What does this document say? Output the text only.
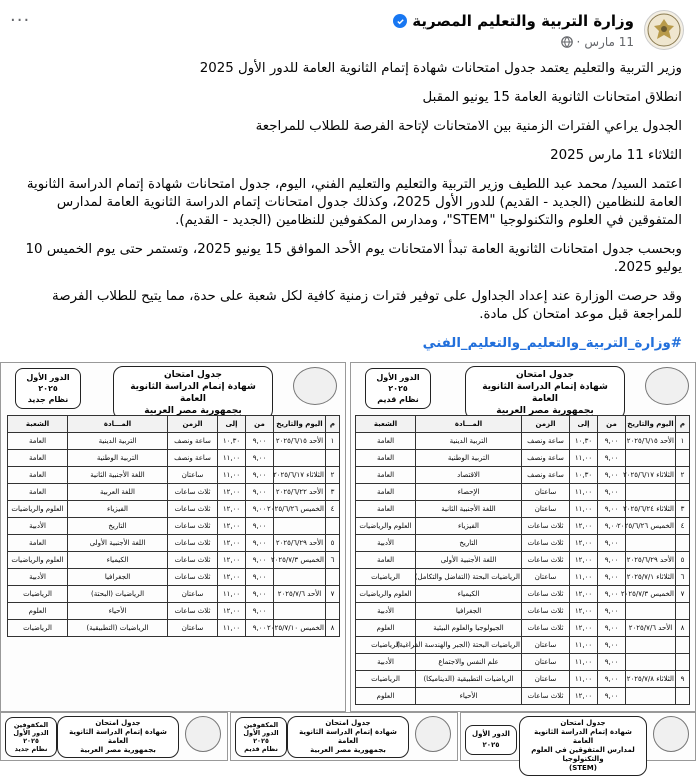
وزارة التربية والتعليم المصرية
11 مارس
·
···

وزير التربية والتعليم يعتمد جدول امتحانات شهادة إتمام الثانوية العامة للدور الأول 2025

انطلاق امتحانات الثانوية العامة 15 يونيو المقبل

الجدول يراعي الفترات الزمنية بين الامتحانات لإتاحة الفرصة للطلاب للمراجعة

الثلاثاء 11 مارس 2025

اعتمد السيد/ محمد عبد اللطيف وزير التربية والتعليم والتعليم الفني، اليوم، جدول امتحانات شهادة إتمام الدراسة الثانوية العامة للنظامين (الجديد - القديم) للدور الأول 2025، وكذلك جدول امتحانات إتمام الدراسة الثانوية العامة لمدارس المتفوقين في العلوم والتكنولوجيا "STEM"، ومدارس المكفوفين للنظامين (الجديد - القديم).

وبحسب جدول امتحانات الثانوية العامة تبدأ الامتحانات يوم الأحد الموافق 15 يونيو 2025، وتستمر حتى يوم الخميس 10 يوليو 2025.

وقد حرصت الوزارة عند إعداد الجداول على توفير فترات زمنية كافية لكل شعبة على حدة، مما يتيح للطلاب الفرصة للمراجعة قبل موعد امتحان كل مادة.

#وزارة_التربية_والتعليم_والتعليم_الفني

جدول امتحان
شهادة إتمام الدراسة الثانوية العامة
بجمهورية مصر العربية
الدور الأول ٢٠٢٥
نظام قديم
م	اليوم والتاريخ	من	إلى	الزمن	المـــادة	الشعبة
١	الأحد ٢٠٢٥/٦/١٥	٩,٠٠	١٠,٣٠	ساعة ونصف	التربية الدينية	العامة
		٩,٠٠	١١,٠٠	ساعة ونصف	التربية الوطنية	العامة
٢	الثلاثاء ٢٠٢٥/٦/١٧	٩,٠٠	١٠,٣٠	ساعة ونصف	الاقتصاد	العامة
		٩,٠٠	١١,٠٠	ساعتان	الإحصاء	العامة
٣	الثلاثاء ٢٠٢٥/٦/٢٤	٩,٠٠	١١,٠٠	ساعتان	اللغة الأجنبية الثانية	العامة
٤	الخميس ٢٠٢٥/٦/٢٦	٩,٠٠	١٢,٠٠	ثلاث ساعات	الفيزياء	العلوم والرياضيات
		٩,٠٠	١٢,٠٠	ثلاث ساعات	التاريخ	الأدبية
٥	الأحد ٢٠٢٥/٦/٢٩	٩,٠٠	١٢,٠٠	ثلاث ساعات	اللغة الأجنبية الأولى	العامة
٦	الثلاثاء ٢٠٢٥/٧/١	٩,٠٠	١١,٠٠	ساعتان	الرياضيات البحتة (التفاضل والتكامل)	الرياضيات
٧	الخميس ٢٠٢٥/٧/٣	٩,٠٠	١٢,٠٠	ثلاث ساعات	الكيمياء	العلوم والرياضيات
		٩,٠٠	١٢,٠٠	ثلاث ساعات	الجغرافيا	الأدبية
٨	الأحد ٢٠٢٥/٧/٦	٩,٠٠	١٢,٠٠	ثلاث ساعات	الجيولوجيا والعلوم البيئية	العلوم
		٩,٠٠	١١,٠٠	ساعتان	الرياضيات البحتة (الجبر والهندسة الفراغية)	الرياضيات
		٩,٠٠	١١,٠٠	ساعتان	علم النفس والاجتماع	الأدبية
٩	الثلاثاء ٢٠٢٥/٧/٨	٩,٠٠	١١,٠٠	ساعتان	الرياضيات التطبيقية (الديناميكا)	الرياضيات
		٩,٠٠	١٢,٠٠	ثلاث ساعات	الأحياء	العلوم
جدول امتحان
شهادة إتمام الدراسة الثانوية العامة
بجمهورية مصر العربية
الدور الأول ٢٠٢٥
نظام جديد
م	اليوم والتاريخ	من	إلى	الزمن	المـــادة	الشعبة
١	الأحد ٢٠٢٥/٦/١٥	٩,٠٠	١٠,٣٠	ساعة ونصف	التربية الدينية	العامة
		٩,٠٠	١١,٠٠	ساعة ونصف	التربية الوطنية	العامة
٢	الثلاثاء ٢٠٢٥/٦/١٧	٩,٠٠	١١,٠٠	ساعتان	اللغة الأجنبية الثانية	العامة
٣	الأحد ٢٠٢٥/٦/٢٢	٩,٠٠	١٢,٠٠	ثلاث ساعات	اللغة العربية	العامة
٤	الخميس ٢٠٢٥/٦/٢٦	٩,٠٠	١٢,٠٠	ثلاث ساعات	الفيزياء	العلوم والرياضيات
		٩,٠٠	١٢,٠٠	ثلاث ساعات	التاريخ	الأدبية
٥	الأحد ٢٠٢٥/٦/٢٩	٩,٠٠	١٢,٠٠	ثلاث ساعات	اللغة الأجنبية الأولى	العامة
٦	الخميس ٢٠٢٥/٧/٣	٩,٠٠	١٢,٠٠	ثلاث ساعات	الكيمياء	العلوم والرياضيات
		٩,٠٠	١٢,٠٠	ثلاث ساعات	الجغرافيا	الأدبية
٧	الأحد ٢٠٢٥/٧/٦	٩,٠٠	١١,٠٠	ساعتان	الرياضيات (البحتة)	الرياضيات
		٩,٠٠	١٢,٠٠	ثلاث ساعات	الأحياء	العلوم
٨	الخميس ٢٠٢٥/٧/١٠	٩,٠٠	١١,٠٠	ساعتان	الرياضيات (التطبيقية)	الرياضيات
جدول امتحان
شهادة إتمام الدراسة الثانوية العامة
لمدارس المتفوقين في العلوم والتكنولوجيا
(STEM)
الدور الأول ٢٠٢٥
جدول امتحان
شهادة إتمام الدراسة الثانوية العامة
بجمهورية مصر العربية
المكفوفين
الدور الأول ٢٠٢٥
نظام قديم
جدول امتحان
شهادة إتمام الدراسة الثانوية العامة
بجمهورية مصر العربية
المكفوفين
الدور الأول ٢٠٢٥
نظام جديد
